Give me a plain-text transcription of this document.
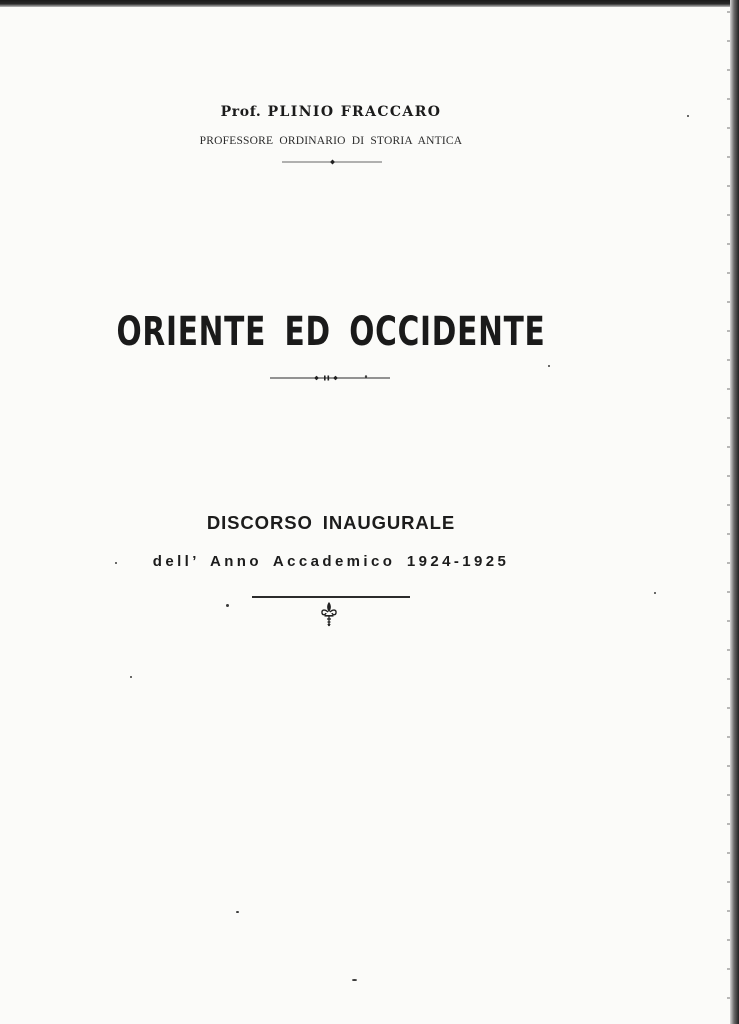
Prof. PLINIO FRACCARO
PROFESSORE ORDINARIO DI STORIA ANTICA
ORIENTE ED OCCIDENTE
DISCORSO INAUGURALE
dell’ Anno Accademico 1924-1925
